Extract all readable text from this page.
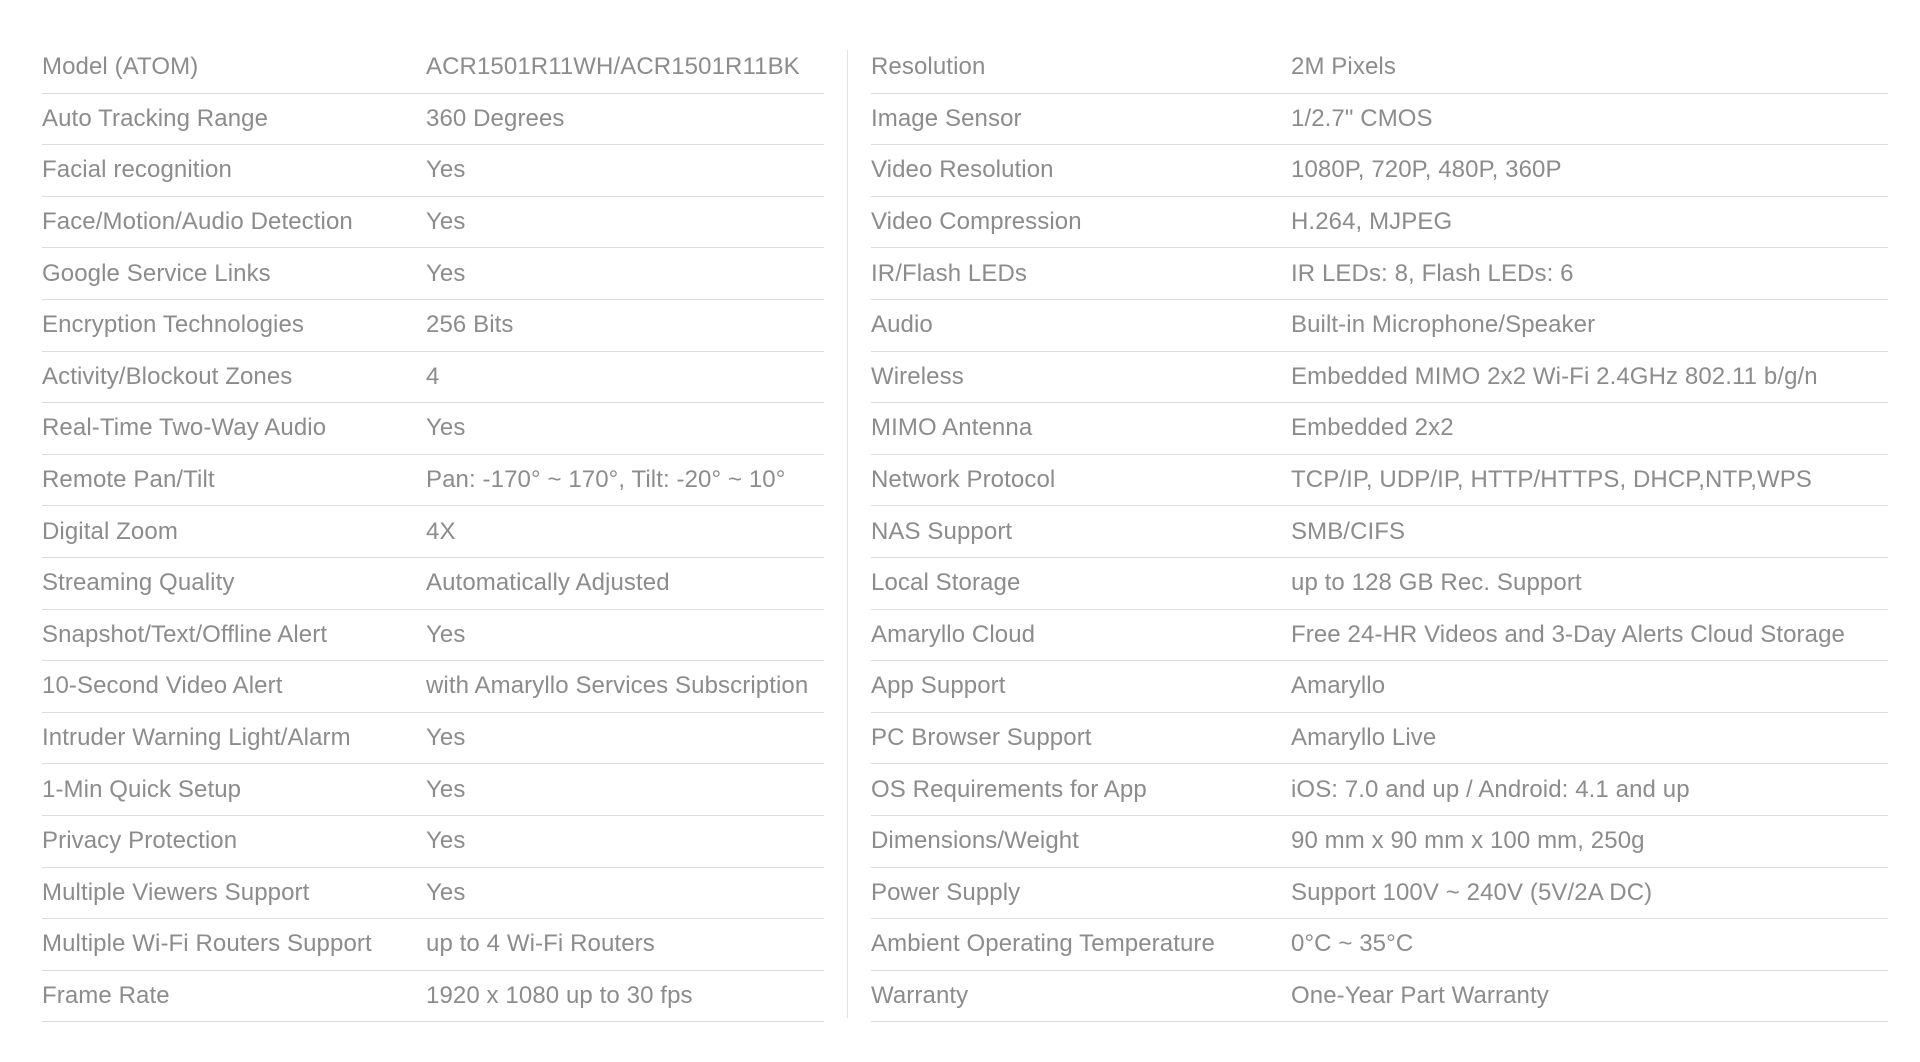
Model (ATOM)	ACR1501R11WH/ACR1501R11BK
Auto Tracking Range	360 Degrees
Facial recognition	Yes
Face/Motion/Audio Detection	Yes
Google Service Links	Yes
Encryption Technologies	256 Bits
Activity/Blockout Zones	4
Real-Time Two-Way Audio	Yes
Remote Pan/Tilt	Pan: -170° ~ 170°, Tilt: -20° ~ 10°
Digital Zoom	4X
Streaming Quality	Automatically Adjusted
Snapshot/Text/Offline Alert	Yes
10-Second Video Alert	with Amaryllo Services Subscription
Intruder Warning Light/Alarm	Yes
1-Min Quick Setup	Yes
Privacy Protection	Yes
Multiple Viewers Support	Yes
Multiple Wi-Fi Routers Support	up to 4 Wi-Fi Routers
Frame Rate	1920 x 1080 up to 30 fps
Resolution	2M Pixels
Image Sensor	1/2.7" CMOS
Video Resolution	1080P, 720P, 480P, 360P
Video Compression	H.264, MJPEG
IR/Flash LEDs	IR LEDs: 8, Flash LEDs: 6
Audio	Built-in Microphone/Speaker
Wireless	Embedded MIMO 2x2 Wi-Fi 2.4GHz 802.11 b/g/n
MIMO Antenna	Embedded 2x2
Network Protocol	TCP/IP, UDP/IP, HTTP/HTTPS, DHCP,NTP,WPS
NAS Support	SMB/CIFS
Local Storage	up to 128 GB Rec. Support
Amaryllo Cloud	Free 24-HR Videos and 3-Day Alerts Cloud Storage
App Support	Amaryllo
PC Browser Support	Amaryllo Live
OS Requirements for App	iOS: 7.0 and up / Android: 4.1 and up
Dimensions/Weight	90 mm x 90 mm x 100 mm, 250g
Power Supply	Support 100V ~ 240V (5V/2A DC)
Ambient Operating Temperature	0°C ~ 35°C
Warranty	One-Year Part Warranty
